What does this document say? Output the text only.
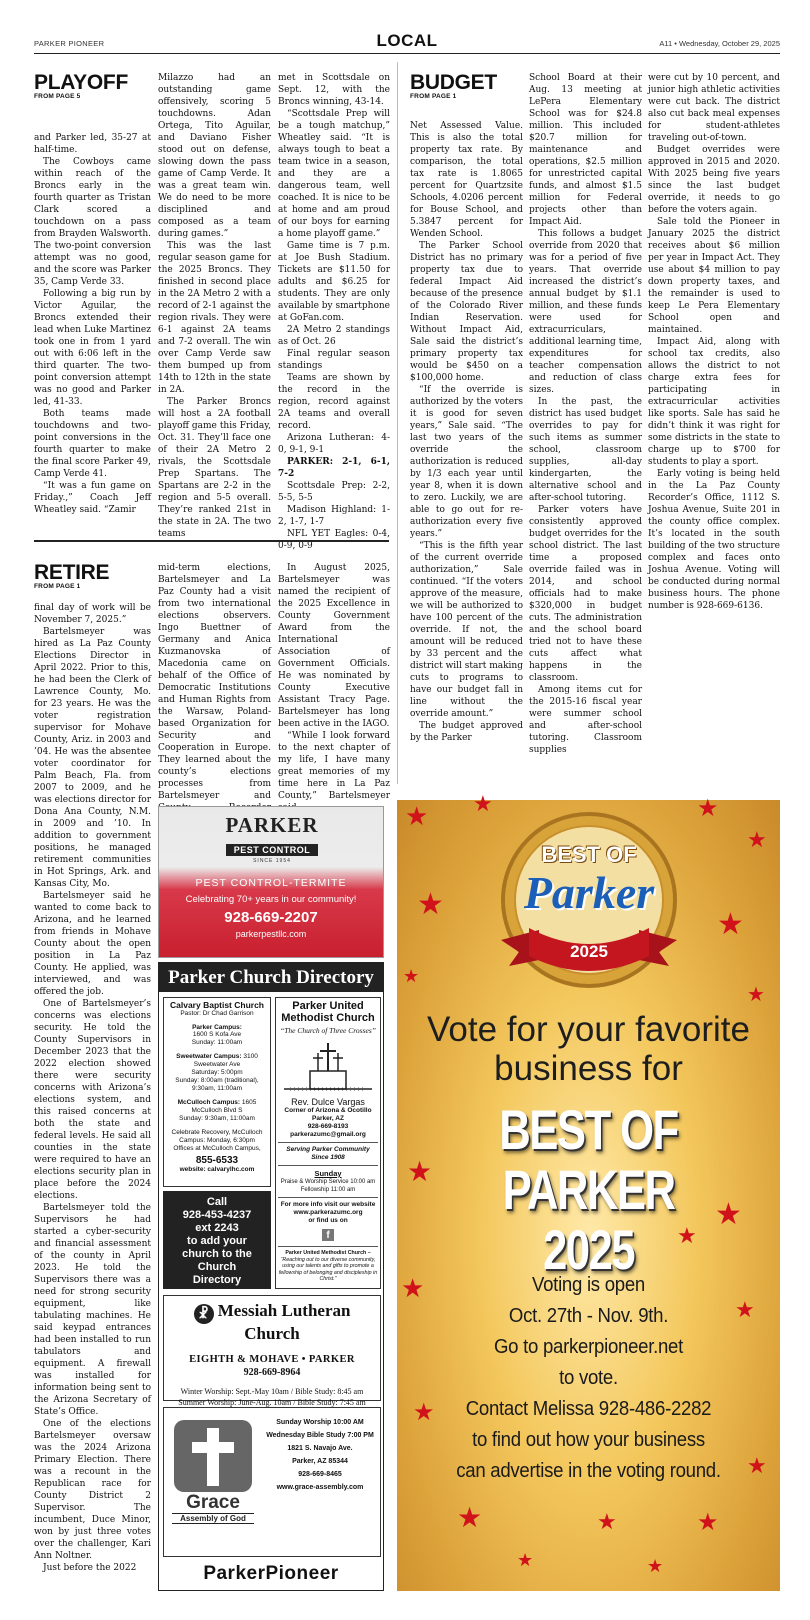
PARKER PIONEER	LOCAL	A11 • Wednesday, October 29, 2025
PLAYOFF
FROM PAGE 5

and Parker led, 35-27 at half-time.

The Cowboys came within reach of the Broncs early in the fourth quarter as Tristan Clark scored a touchdown on a pass from Brayden Walsworth. The two-point conversion attempt was no good, and the score was Parker 35, Camp Verde 33.

Following a big run by Victor Aguilar, the Broncs extended their lead when Luke Martinez took one in from 1 yard out with 6:06 left in the third quarter. The two-point conversion attempt was no good and Parker led, 41-33.

Both teams made touchdowns and two-point conversions in the fourth quarter to make the final score Parker 49, Camp Verde 41.

“It was a fun game on Friday.,” Coach Jeff Wheatley said. “Zamir

Milazzo had an outstanding game offensively, scoring 5 touchdowns. Adan Ortega, Tito Aguilar, and Daviano Fisher stood out on defense, slowing down the pass game of Camp Verde. It was a great team win. We do need to be more disciplined and composed as a team during games.”

This was the last regular season game for the 2025 Broncs. They finished in second place in the 2A Metro 2 with a record of 2-1 against the region rivals. They were 6-1 against 2A teams and 7-2 overall. The win over Camp Verde saw them bumped up from 14th to 12th in the state in 2A.

The Parker Broncs will host a 2A football playoff game this Friday, Oct. 31. They’ll face one of their 2A Metro 2 rivals, the Scottsdale Prep Spartans. The Spartans are 2-2 in the region and 5-5 overall. They’re ranked 21st in the state in 2A. The two teams

met in Scottsdale on Sept. 12, with the Broncs winning, 43-14.

“Scottsdale Prep will be a tough matchup,” Wheatley said. “It is always tough to beat a team twice in a season, and they are a dangerous team, well coached. It is nice to be at home and am proud of our boys for earning a home playoff game.”

Game time is 7 p.m. at Joe Bush Stadium. Tickets are $11.50 for adults and $6.25 for students. They are only available by smartphone at GoFan.com.

2A Metro 2 standings as of Oct. 26

Final regular season standings

Teams are shown by the record in the region, record against 2A teams and overall record.

Arizona Lutheran: 4-0, 9-1, 9-1

PARKER: 2-1, 6-1, 7-2

Scottsdale Prep: 2-2, 5-5, 5-5

Madison Highland: 1-2, 1-7, 1-7

NFL YET Eagles: 0-4, 0-9, 0-9

RETIRE
FROM PAGE 1

final day of work will be November 7, 2025.”

Bartelsmeyer was hired as La Paz County Elections Director in April 2022. Prior to this, he had been the Clerk of Lawrence County, Mo. for 23 years. He was the voter registration supervisor for Mohave County, Ariz. in 2003 and ’04. He was the absentee voter coordinator for Palm Beach, Fla. from 2007 to 2009, and he was elections director for Dona Ana County, N.M. in 2009 and ’10. In addition to government positions, he managed retirement communities in Hot Springs, Ark. and Kansas City, Mo.

Bartelsmeyer said he wanted to come back to Arizona, and he learned from friends in Mohave County about the open position in La Paz County. He applied, was interviewed, and was offered the job.

One of Bartelsmeyer’s concerns was elections security. He told the County Supervisors in December 2023 that the 2022 election showed there were security concerns with Arizona’s elections system, and this raised concerns at both the state and federal levels. He said all counties in the state were required to have an elections security plan in place before the 2024 elections.

Bartelsmeyer told the Supervisors he had started a cyber-security and financial assessment of the county in April 2023. He told the Supervisors there was a need for strong security equipment, like tabulating machines. He said keypad entrances had been installed to run tabulators and equipment. A firewall was installed for information being sent to the Arizona Secretary of State’s Office.

One of the elections Bartelsmeyer oversaw was the 2024 Arizona Primary Election. There was a recount in the Republican race for County District 2 Supervisor. The incumbent, Duce Minor, won by just three votes over the challenger, Kari Ann Noltner.

Just before the 2022

mid-term elections, Bartelsmeyer and La Paz County had a visit from two international elections observers. Ingo Buettner of Germany and Anica Kuzmanovska of Macedonia came on behalf of the Office of Democratic Institutions and Human Rights from the Warsaw, Poland-based Organization for Security and Cooperation in Europe. They learned about the county’s elections processes from Bartelsmeyer and

In August 2025, Bartelsmeyer was named the recipient of the 2025 Excellence in County Government Award from the International Association of Government Officials. He was nominated by County Executive Assistant Tracy Page. Bartelsmeyer has long been active in the IAGO.

“While I look forward to the next chapter of my life, I have many great memories of my time here in La Paz County,” Bartelsmeyer

BUDGET
FROM PAGE 1

Net Assessed Value. This is also the total property tax rate. By comparison, the total tax rate is 1.8065 percent for Quartzsite Schools, 4.0206 percent for Bouse School, and 5.3847 percent for Wenden School.

The Parker School District has no primary property tax due to federal Impact Aid because of the presence of the Colorado River Indian Reservation. Without Impact Aid, Sale said the district’s primary property tax would be $450 on a $100,000 home.

“If the override is authorized by the voters it is good for seven years,” Sale said. “The last two years of the override the authorization is reduced by 1/3 each year until year 8, when it is down to zero. Luckily, we are able to go out for re-authorization every five years.”

“This is the fifth year of the current override authorization,” Sale continued. “If the voters approve of the measure, we will be authorized to have 100 percent of the override. If not, the amount will be reduced by 33 percent and the district will start making cuts to programs to have our budget fall in line without the override amount.”

The budget approved by the Parker

School Board at their Aug. 13 meeting at LePera Elementary School was for $24.8 million. This included $20.7 million for maintenance and operations, $2.5 million for unrestricted capital funds, and almost $1.5 million for Federal projects other than Impact Aid.

This follows a budget override from 2020 that was for a period of five years. That override increased the district’s annual budget by $1.1 million, and these funds were used for extracurriculars, additional learning time, expenditures for teacher compensation and reduction of class sizes.

In the past, the district has used budget overrides to pay for such items as summer school, classroom supplies, all-day kindergarten, the alternative school and after-school tutoring.

Parker voters have consistently approved budget overrides for the school district. The last time a proposed override failed was in 2014, and school officials had to make $320,000 in budget cuts. The administration and the school board tried not to have these cuts affect what happens in the classroom.

Among items cut for the 2015-16 fiscal year were summer school and after-school tutoring. Classroom supplies

were cut by 10 percent, and junior high athletic activities were cut back. The district also cut back meal expenses for student-athletes traveling out-of-town.

Budget overrides were approved in 2015 and 2020. With 2025 being five years since the last budget override, it needs to go before the voters again.

Sale told the Pioneer in January 2025 the district receives about $6 million per year in Impact Act. They use about $4 million to pay down property taxes, and the remainder is used to keep Le Pera Elementary School open and maintained.

Impact Aid, along with school tax credits, also allows the district to not charge extra fees for participating in extracurricular activities like sports. Sale has said he didn’t think it was right for some districts in the state to charge up to $700 for students to play a sport.

Early voting is being held in the La Paz County Recorder’s Office, 1112 S. Joshua Avenue, Suite 201 in the county office complex. It’s located in the south building of the two structure complex and faces onto Joshua Avenue. Voting will be conducted during normal business hours. The phone number is 928-669-6136.

PARKER
PEST CONTROL
SINCE 1954
PEST CONTROL-TERMITE
Celebrating 70+ years in our community!
928-669-2207
parkerpestllc.com
Parker Church Directory
Calvary Baptist Church
Pastor: Dr Chad Garrison
Parker Campus:
1600 S Kofa Ave
Sunday: 11:00am
Sweetwater Campus: 3100
Sweetwater Ave
Saturday: 5:00pm
Sunday: 8:00am (traditional),
9:30am, 11:00am
McCulloch Campus: 1605
McCulloch Blvd S
Sunday: 9:30am, 11:00am
Celebrate Recovery, McCulloch
Campus: Monday, 6:30pm
Offices at McCulloch Campus,
855-6533
website: calvarylhc.com
Call
928-453-4237
ext 2243
to add your
church to the
Church
Directory
Parker United
Methodist Church
“The Church of Three Crosses”
Rev. Dulce Vargas
Corner of Arizona & Ocotillo
Parker, AZ
928-669-8193
parkerazumc@gmail.org
Serving Parker Community
Since 1908
Sunday
Praise & Worship Service 10:00 am
Fellowship 11:00 am
For more info visit our website
www.parkerazumc.org
or find us on
f
Parker United Methodist Church –
“Reaching out to our diverse community, using our talents and gifts to promote a fellowship of belonging and discipleship in Christ.”
☧ Messiah Lutheran Church
EIGHTH & MOHAVE • PARKER
928-669-8964
Winter Worship: Sept.-May 10am / Bible Study: 8:45 am
Summer Worship: June-Aug. 10am / Bible Study: 7:45 am
Grace
Assembly of God
Sunday Worship 10:00 AM
Wednesday Bible Study 7:00 PM
1821 S. Navajo Ave.
Parker, AZ 85344
928-669-8465
www.grace-assembly.com
ParkerPioneer
★ ★	★
★
★
★
★
★
★
★
★
★
★
★
★	★	★
★
★	★
BEST OF
Parker
2025
Vote for your favorite
business for
BEST OF PARKER
2025
Voting is open
Oct. 27th - Nov. 9th.
Go to parkerpioneer.net
to vote.
Contact Melissa 928-486-2282
to find out how your business
can advertise in the voting round.
